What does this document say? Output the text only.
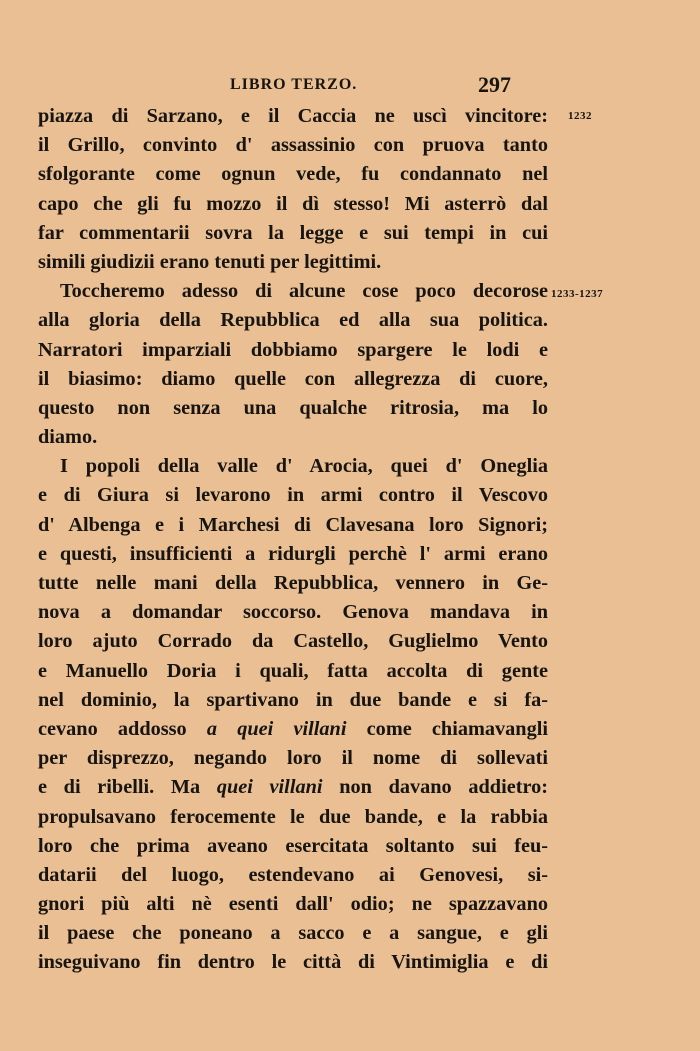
LIBRO TERZO.	297
1232
1233-1237
piazza di Sarzano, e il Caccia ne uscì vincitore:
il Grillo, convinto d' assassinio con pruova tanto
sfolgorante come ognun vede, fu condannato nel
capo che gli fu mozzo il dì stesso! Mi asterrò dal
far commentarii sovra la legge e sui tempi in cui
simili giudizii erano tenuti per legittimi.
Toccheremo adesso di alcune cose poco decorose
alla gloria della Repubblica ed alla sua politica.
Narratori imparziali dobbiamo spargere le lodi e
il biasimo: diamo quelle con allegrezza di cuore,
questo non senza una qualche ritrosia, ma lo
diamo.
I popoli della valle d' Arocia, quei d' Oneglia
e di Giura si levarono in armi contro il Vescovo
d' Albenga e i Marchesi di Clavesana loro Signori;
e questi, insufficienti a ridurgli perchè l' armi erano
tutte nelle mani della Repubblica, vennero in Ge-
nova a domandar soccorso. Genova mandava in
loro ajuto Corrado da Castello, Guglielmo Vento
e Manuello Doria i quali, fatta accolta di gente
nel dominio, la spartivano in due bande e si fa-
cevano addosso a quei villani come chiamavangli
per disprezzo, negando loro il nome di sollevati
e di ribelli. Ma quei villani non davano addietro:
propulsavano ferocemente le due bande, e la rabbia
loro che prima aveano esercitata soltanto sui feu-
datarii del luogo, estendevano ai Genovesi, si-
gnori più alti nè esenti dall' odio; ne spazzavano
il paese che poneano a sacco e a sangue, e gli
inseguivano fin dentro le città di Vintimiglia e di
